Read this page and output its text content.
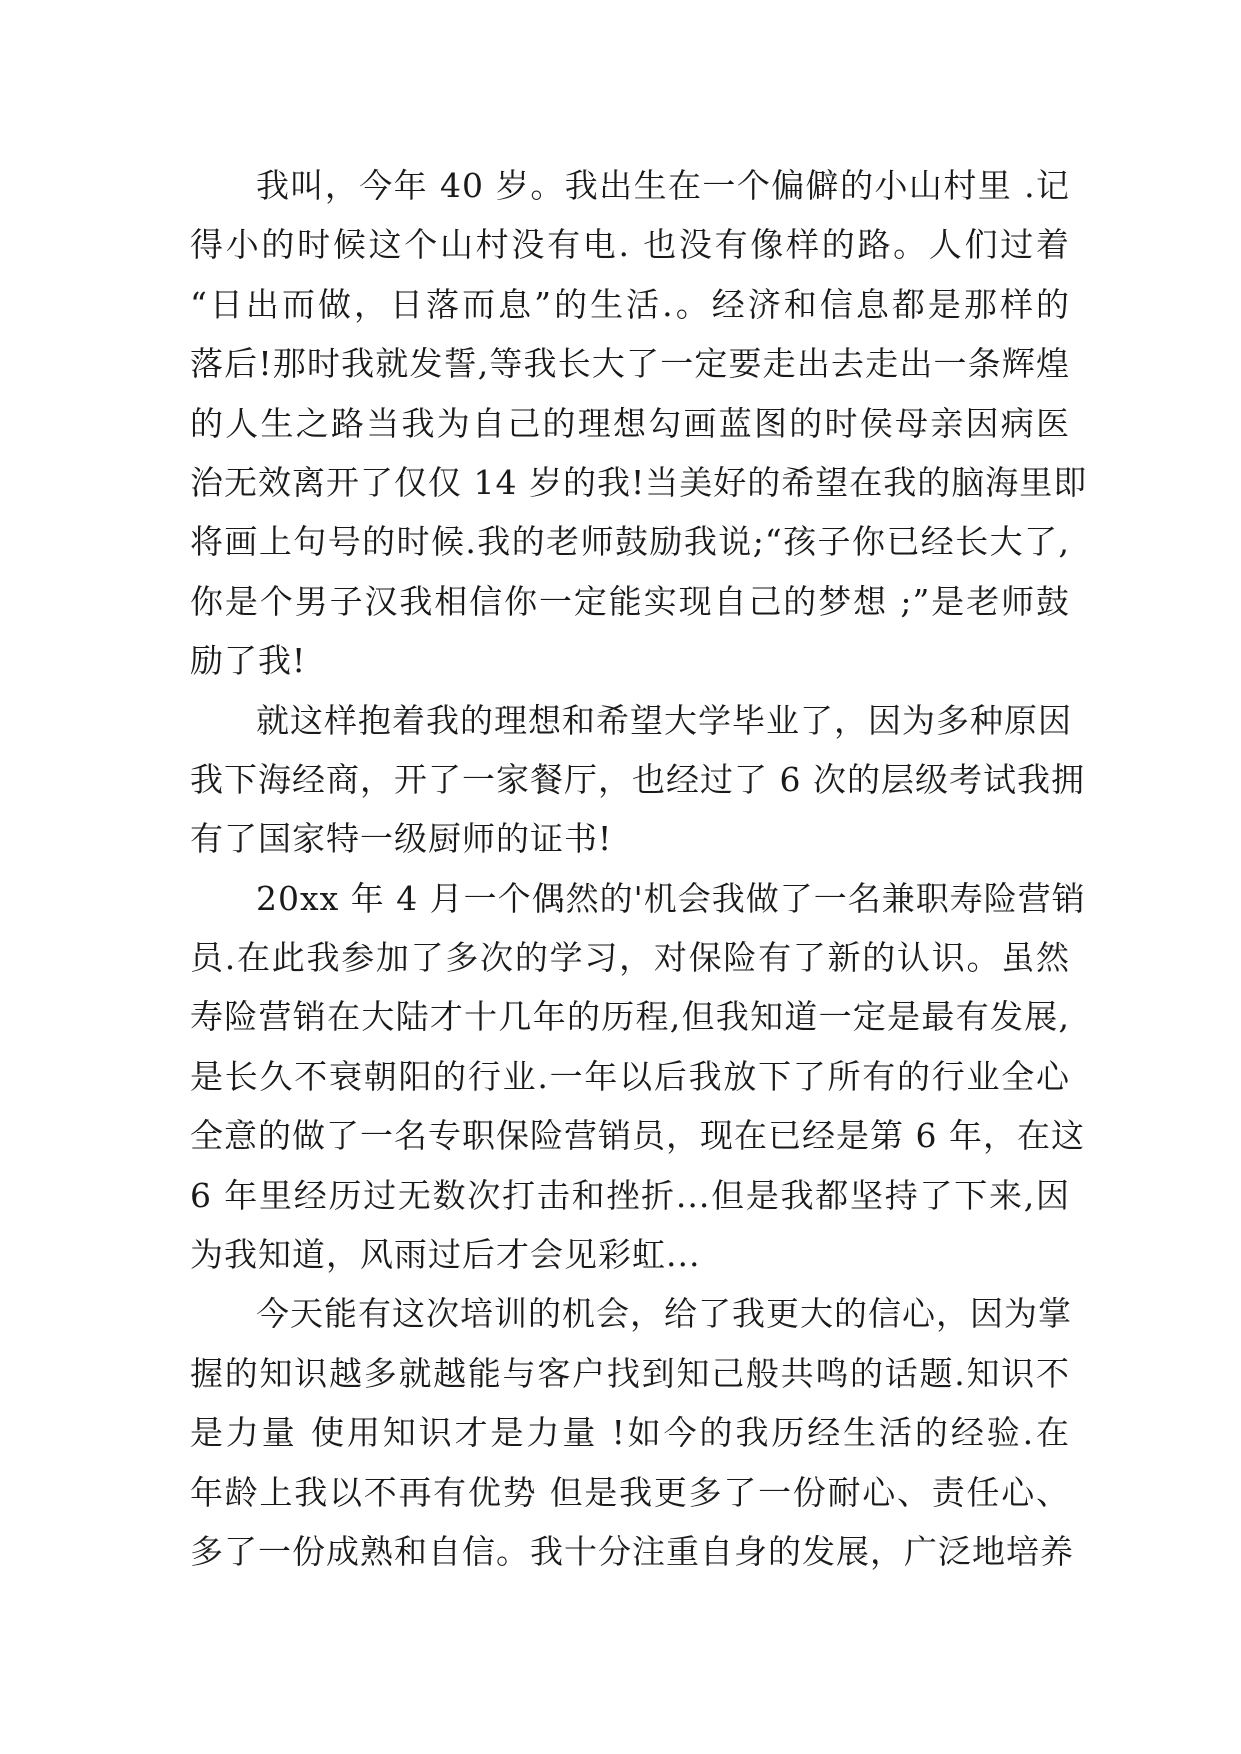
我叫，今年 40 岁。我出生在一个偏僻的小山村里 .记
得小的时候这个山村没有电. 也没有像样的路。人们过着
“日出而做，日落而息”的生活.。经济和信息都是那样的
落后!那时我就发誓,等我长大了一定要走出去走出一条辉煌
的人生之路当我为自己的理想勾画蓝图的时侯母亲因病医
治无效离开了仅仅 14 岁的我!当美好的希望在我的脑海里即
将画上句号的时候.我的老师鼓励我说;“孩子你已经长大了,
你是个男子汉我相信你一定能实现自己的梦想 ;”是老师鼓
励了我!
就这样抱着我的理想和希望大学毕业了，因为多种原因
我下海经商，开了一家餐厅，也经过了 6 次的层级考试我拥
有了国家特一级厨师的证书!
20xx 年 4 月一个偶然的'机会我做了一名兼职寿险营销
员.在此我参加了多次的学习，对保险有了新的认识。虽然
寿险营销在大陆才十几年的历程,但我知道一定是最有发展,
是长久不衰朝阳的行业.一年以后我放下了所有的行业全心
全意的做了一名专职保险营销员，现在已经是第 6 年，在这
6 年里经历过无数次打击和挫折...但是我都坚持了下来,因
为我知道，风雨过后才会见彩虹...
今天能有这次培训的机会，给了我更大的信心，因为掌
握的知识越多就越能与客户找到知己般共鸣的话题.知识不
是力量 使用知识才是力量 !如今的我历经生活的经验.在
年龄上我以不再有优势 但是我更多了一份耐心、责任心、
多了一份成熟和自信。我十分注重自身的发展，广泛地培养
